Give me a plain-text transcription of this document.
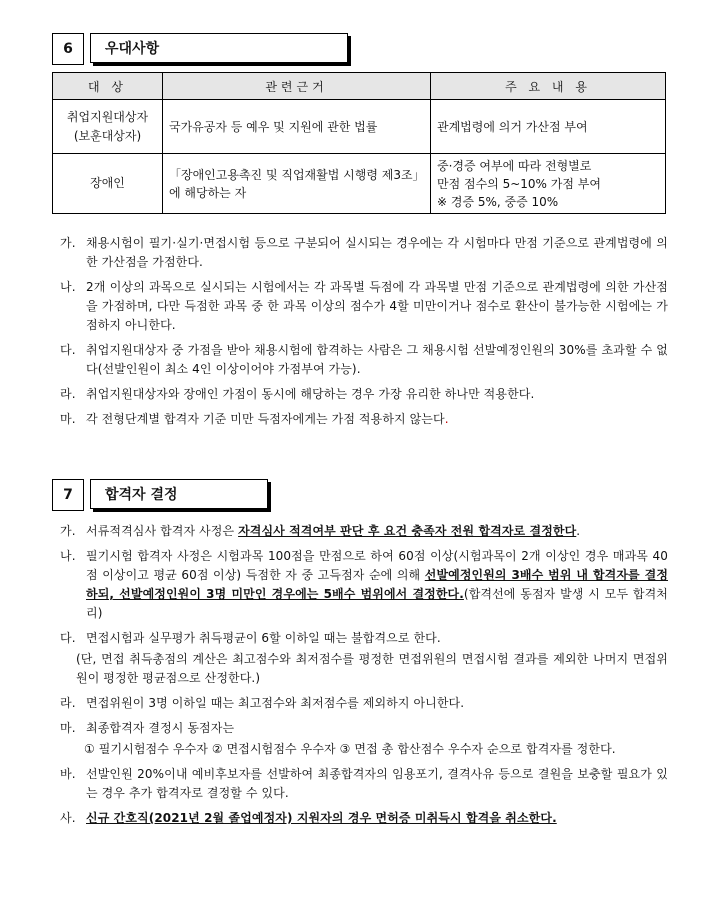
6	우대사항
대 상	관련근거	주 요 내 용

취업지원대상자
(보훈대상자)	국가유공자 등 예우 및 지원에 관한 법률	관계법령에 의거 가산점 부여

장애인	「장애인고용촉진 및 직업재활법 시행령 제3조」에 해당하는 자	중·경증 여부에 따라 전형별로
만점 점수의 5~10% 가점 부여
※ 경증 5%, 중증 10%
가. 채용시험이 필기·실기·면접시험 등으로 구분되어 실시되는 경우에는 각 시험마다 만점 기준으로 관계법령에 의한 가산점을 가점한다.
나. 2개 이상의 과목으로 실시되는 시험에서는 각 과목별 득점에 각 과목별 만점 기준으로 관계법령에 의한 가산점을 가점하며, 다만 득점한 과목 중 한 과목 이상의 점수가 4할 미만이거나 점수로 환산이 불가능한 시험에는 가점하지 아니한다.
다. 취업지원대상자 중 가점을 받아 채용시험에 합격하는 사람은 그 채용시험 선발예정인원의 30%를 초과할 수 없다(선발인원이 최소 4인 이상이어야 가점부여 가능).
라. 취업지원대상자와 장애인 가점이 동시에 해당하는 경우 가장 유리한 하나만 적용한다.
마. 각 전형단계별 합격자 기준 미만 득점자에게는 가점 적용하지 않는다.
7	합격자 결정
가. 서류적격심사 합격자 사정은 자격심사 적격여부 판단 후 요건 충족자 전원 합격자로 결정한다.
나. 필기시험 합격자 사정은 시험과목 100점을 만점으로 하여 60점 이상(시험과목이 2개 이상인 경우 매과목 40점 이상이고 평균 60점 이상) 득점한 자 중 고득점자 순에 의해 선발예정인원의 3배수 범위 내 합격자를 결정하되, 선발예정인원이 3명 미만인 경우에는 5배수 범위에서 결정한다.(합격선에 동점자 발생 시 모두 합격처리)
다. 면접시험과 실무평가 취득평균이 6할 이하일 때는 불합격으로 한다.
(단, 면접 취득총점의 계산은 최고점수와 최저점수를 평정한 면접위원의 면접시험 결과를 제외한 나머지 면접위원이 평정한 평균점으로 산정한다.)
라. 면접위원이 3명 이하일 때는 최고점수와 최저점수를 제외하지 아니한다.
마. 최종합격자 결정시 동점자는
① 필기시험점수 우수자 ② 면접시험점수 우수자 ③ 면접 총 합산점수 우수자 순으로 합격자를 정한다.
바. 선발인원 20%이내 예비후보자를 선발하여 최종합격자의 임용포기, 결격사유 등으로 결원을 보충할 필요가 있는 경우 추가 합격자로 결정할 수 있다.
사. 신규 간호직(2021년 2월 졸업예정자) 지원자의 경우 면허증 미취득시 합격을 취소한다.
